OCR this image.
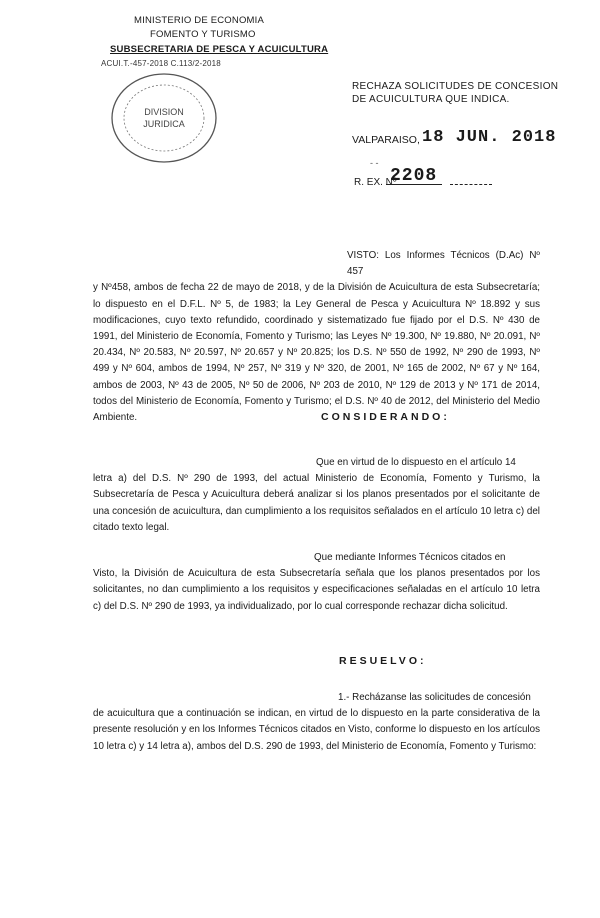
MINISTERIO DE ECONOMIA
FOMENTO Y TURISMO
SUBSECRETARIA DE PESCA Y ACUICULTURA
ACUI.T.-457-2018 C.113/2-2018
DIVISION
JURIDICA
RECHAZA SOLICITUDES DE CONCESION DE ACUICULTURA QUE INDICA.
VALPARAISO, 18 JUN. 2018
- -
R. EX. Nº
2208
VISTO: Los Informes Técnicos (D.Ac) Nº 457

y Nº458, ambos de fecha 22 de mayo de 2018, y de la División de Acuicultura de esta Subsecretaría; lo dispuesto en el D.F.L. Nº 5, de 1983; la Ley General de Pesca y Acuicultura Nº 18.892 y sus modificaciones, cuyo texto refundido, coordinado y sistematizado fue fijado por el D.S. Nº 430 de 1991, del Ministerio de Economía, Fomento y Turismo; las Leyes Nº 19.300, Nº 19.880, Nº 20.091, Nº 20.434, Nº 20.583, Nº 20.597, Nº 20.657 y Nº 20.825; los D.S. Nº 550 de 1992, Nº 290 de 1993, Nº 499 y Nº 604, ambos de 1994, Nº 257, Nº 319 y Nº 320, de 2001, Nº 165 de 2002, Nº 67 y Nº 164, ambos de 2003, Nº 43 de 2005, Nº 50 de 2006, Nº 203 de 2010, Nº 129 de 2013 y Nº 171 de 2014, todos del Ministerio de Economía, Fomento y Turismo; el D.S. Nº 40 de 2012, del Ministerio del Medio Ambiente.	CONSIDERANDO:
Que en virtud de lo dispuesto en el artículo 14

letra a) del D.S. Nº 290 de 1993, del actual Ministerio de Economía, Fomento y Turismo, la Subsecretaría de Pesca y Acuicultura deberá analizar si los planos presentados por el solicitante de una concesión de acuicultura, dan cumplimiento a los requisitos señalados en el artículo 10 letra c) del citado texto legal.

Que mediante Informes Técnicos citados en

Visto, la División de Acuicultura de esta Subsecretaría señala que los planos presentados por los solicitantes, no dan cumplimiento a los requisitos y especificaciones señaladas en el artículo 10 letra c) del D.S. Nº 290 de 1993, ya individualizado, por lo cual corresponde rechazar dicha solicitud.

RESUELVO:
1.- Recházanse las solicitudes de concesión

de acuicultura que a continuación se indican, en virtud de lo dispuesto en la parte considerativa de la presente resolución y en los Informes Técnicos citados en Visto, conforme lo dispuesto en los artículos 10 letra c) y 14 letra a), ambos del D.S. 290 de 1993, del Ministerio de Economía, Fomento y Turismo:
